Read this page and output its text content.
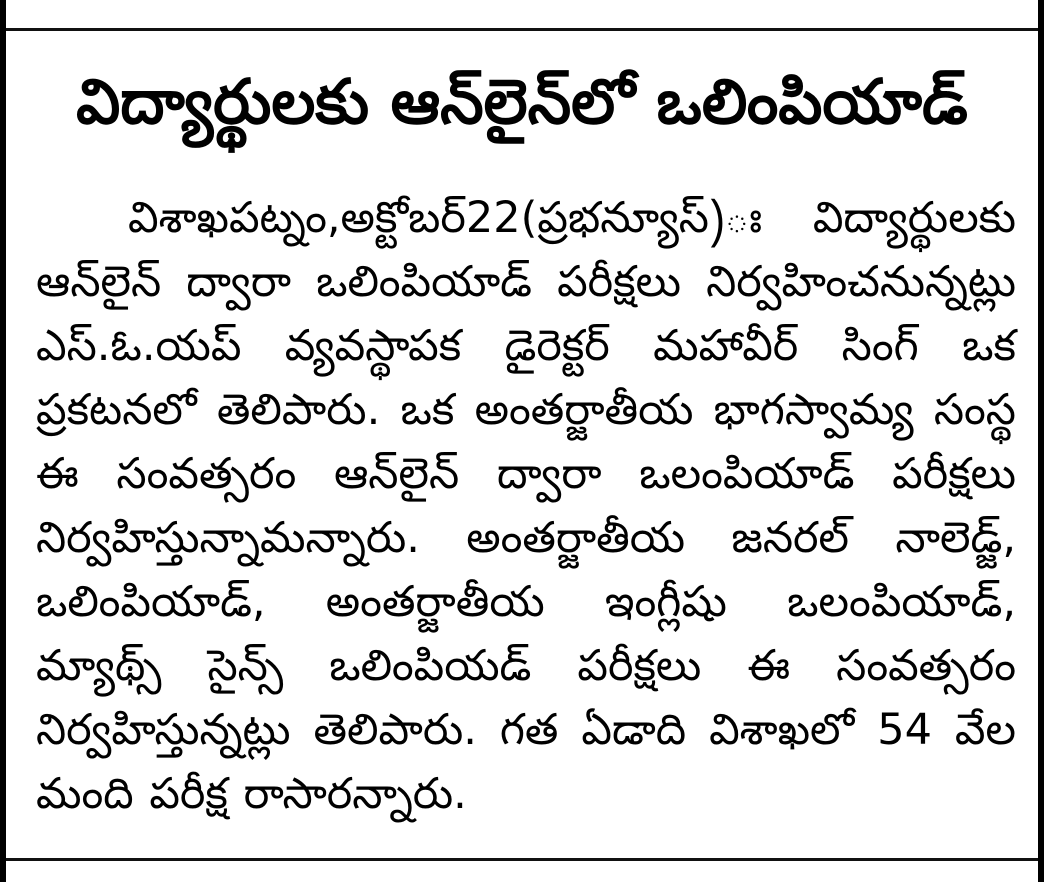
విద్యార్థులకు ఆన్‌లైన్‌లో ఒలింపియాడ్
విశాఖపట్నం,అక్టోబర్22(ప్రభన్యూస్)ః విద్యార్థులకు ఆన్‌లైన్ ద్వారా ఒలింపియాడ్ పరీక్షలు నిర్వహించనున్నట్లు ఎస్.ఓ.యప్ వ్యవస్థాపక డైరెక్టర్ మహావీర్ సింగ్ ఒక ప్రకటనలో తెలిపారు. ఒక అంతర్జాతీయ భాగస్వామ్య సంస్థ ఈ సంవత్సరం ఆన్‌లైన్ ద్వారా ఒలంపియాడ్ పరీక్షలు నిర్వహిస్తున్నామన్నారు. అంతర్జాతీయ జనరల్ నాలెడ్జ్, ఒలింపియాడ్, అంతర్జాతీయ ఇంగ్లీషు ఒలంపియాడ్, మ్యాథ్స్ సైన్స్ ఒలింపియడ్ పరీక్షలు ఈ సంవత్సరం నిర్వహిస్తున్నట్లు తెలిపారు. గత ఏడాది విశాఖలో 54 వేల మంది పరీక్ష రాసారన్నారు.
